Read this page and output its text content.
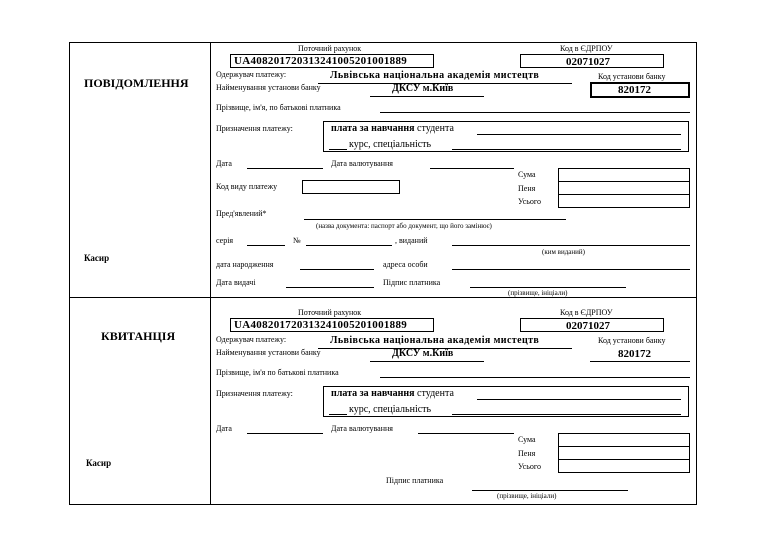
ПОВІДОМЛЕННЯ
Касир
Поточний рахунок
UA408201720313241005201001889
Код в ЄДРПОУ
02071027
Одержувач платежу:	Львівська національна академія мистецтв	Код установи банку
Найменування установи банку	ДКСУ м.Київ	820172
Прізвище, ім'я, по батькові платника
Призначення платежу:	плата за навчання студента
курс, спеціальність
Дата	Дата валютування
Сума
Пеня
Усього
Код виду платежу
Пред'явлений*
(назва документа: паспорт або документ, що його замінює)
серія	№	, виданий
(ким виданий)
дата народження	адреса особи
Дата видачі	Підпис платника
(прізвище, ініціали)
КВИТАНЦІЯ
Касир
Поточний рахунок
UA408201720313241005201001889
Код в ЄДРПОУ
02071027
Одержувач платежу:	Львівська національна академія мистецтв	Код установи банку
Найменування установи банку	ДКСУ м.Київ	820172
Прізвище, ім'я по батькові платника
Призначення платежу:	плата за навчання студента
курс, спеціальність
Дата	Дата валютування
Сума
Пеня
Усього
Підпис платника
(прізвище, ініціали)
